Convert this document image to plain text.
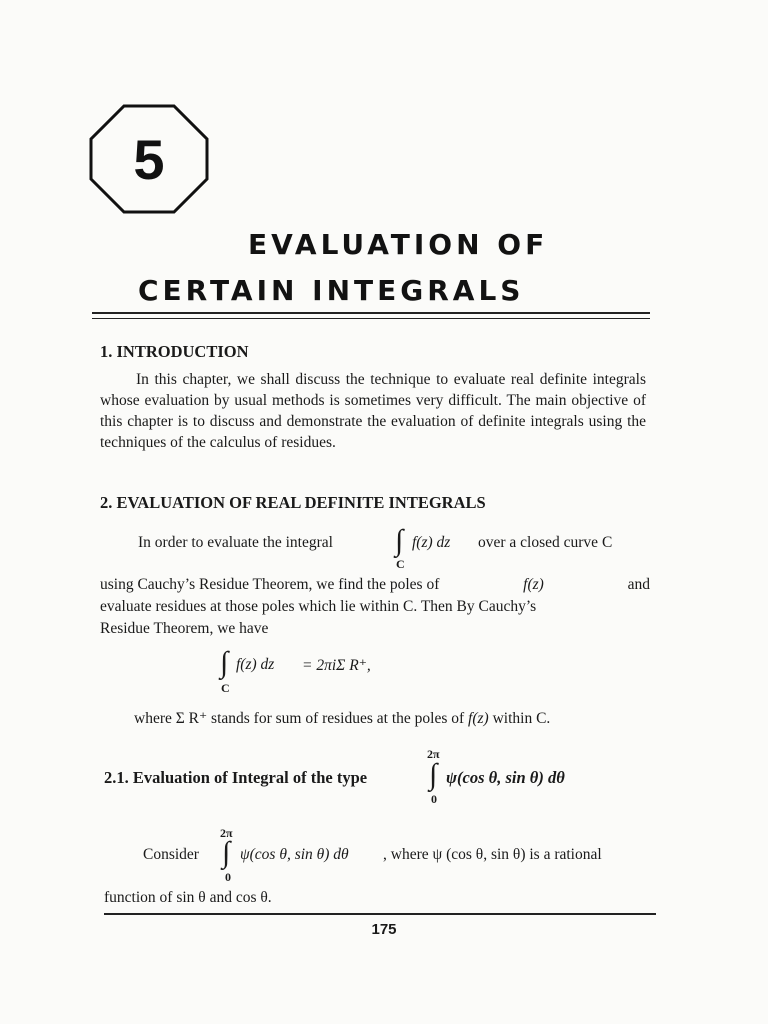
5
EVALUATION OF
CERTAIN INTEGRALS
1. INTRODUCTION
In this chapter, we shall discuss the technique to evaluate real definite integrals whose evaluation by usual methods is sometimes very difficult. The main objective of this chapter is to discuss and demonstrate the evaluation of definite integrals using the techniques of the calculus of residues.
2. EVALUATION OF REAL DEFINITE INTEGRALS
In order to evaluate the integral ∫ f(z) dz over a closed curve C
C
using Cauchy’s Residue Theorem, we find the poles of	f(z)	and
evaluate residues at those poles which lie within C. Then By Cauchy’s
Residue Theorem, we have
∫ f(z) dz = 2πiΣ R⁺,
C
where Σ R⁺ stands for sum of residues at the poles of f(z) within C.
2π
2.1. Evaluation of Integral of the type ∫ ψ(cos θ, sin θ) dθ
0
2π
Consider ∫ ψ(cos θ, sin θ) dθ , where ψ (cos θ, sin θ) is a rational
0
function of sin θ and cos θ.
175
